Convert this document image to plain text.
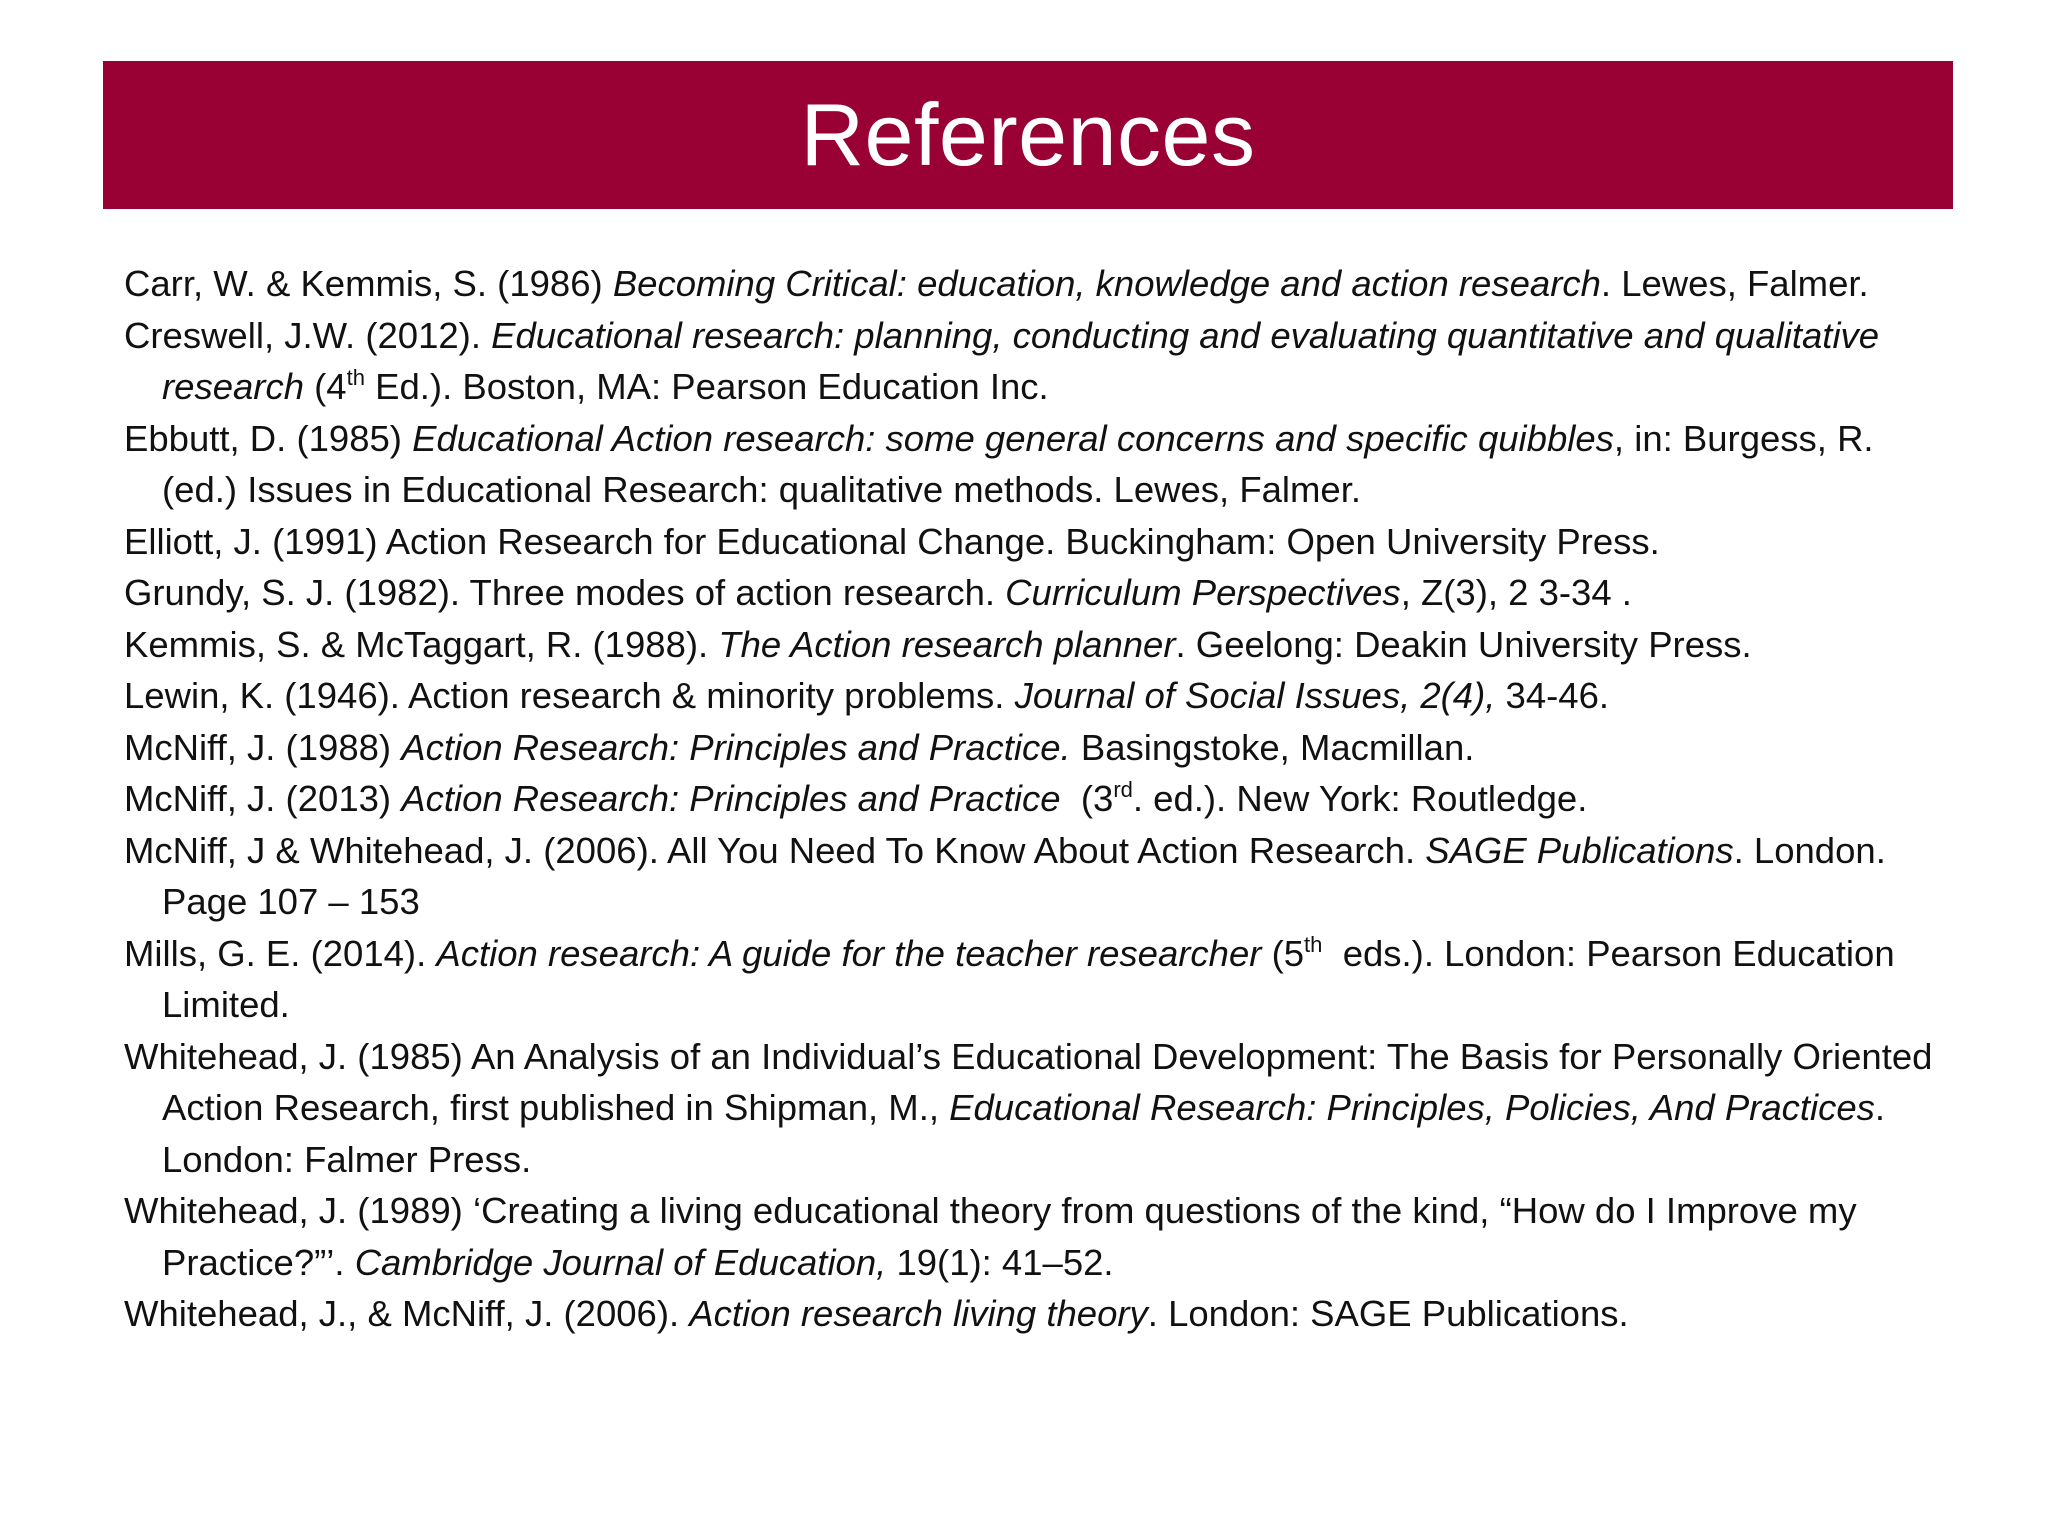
References
Carr, W. & Kemmis, S. (1986) Becoming Critical: education, knowledge and action research. Lewes, Falmer.
Creswell, J.W. (2012). Educational research: planning, conducting and evaluating quantitative and qualitative research (4th Ed.). Boston, MA: Pearson Education Inc.
Ebbutt, D. (1985) Educational Action research: some general concerns and specific quibbles, in: Burgess, R. (ed.) Issues in Educational Research: qualitative methods. Lewes, Falmer.
Elliott, J. (1991) Action Research for Educational Change. Buckingham: Open University Press.
Grundy, S. J. (1982). Three modes of action research. Curriculum Perspectives, Z(3), 2 3-34 .
Kemmis, S. & McTaggart, R. (1988). The Action research planner. Geelong: Deakin University Press.
Lewin, K. (1946). Action research & minority problems. Journal of Social Issues, 2(4), 34-46.
McNiff, J. (1988) Action Research: Principles and Practice. Basingstoke, Macmillan.
McNiff, J. (2013) Action Research: Principles and Practice  (3rd. ed.). New York: Routledge.
McNiff, J & Whitehead, J. (2006). All You Need To Know About Action Research. SAGE Publications. London. Page 107 – 153
Mills, G. E. (2014). Action research: A guide for the teacher researcher (5th  eds.). London: Pearson Education Limited.
Whitehead, J. (1985) An Analysis of an Individual’s Educational Development: The Basis for Personally Oriented Action Research, first published in Shipman, M., Educational Research: Principles, Policies, And Practices. London: Falmer Press.
Whitehead, J. (1989) ‘Creating a living educational theory from questions of the kind, “How do I Improve my Practice?”’. Cambridge Journal of Education, 19(1): 41–52.
Whitehead, J., & McNiff, J. (2006). Action research living theory. London: SAGE Publications.
